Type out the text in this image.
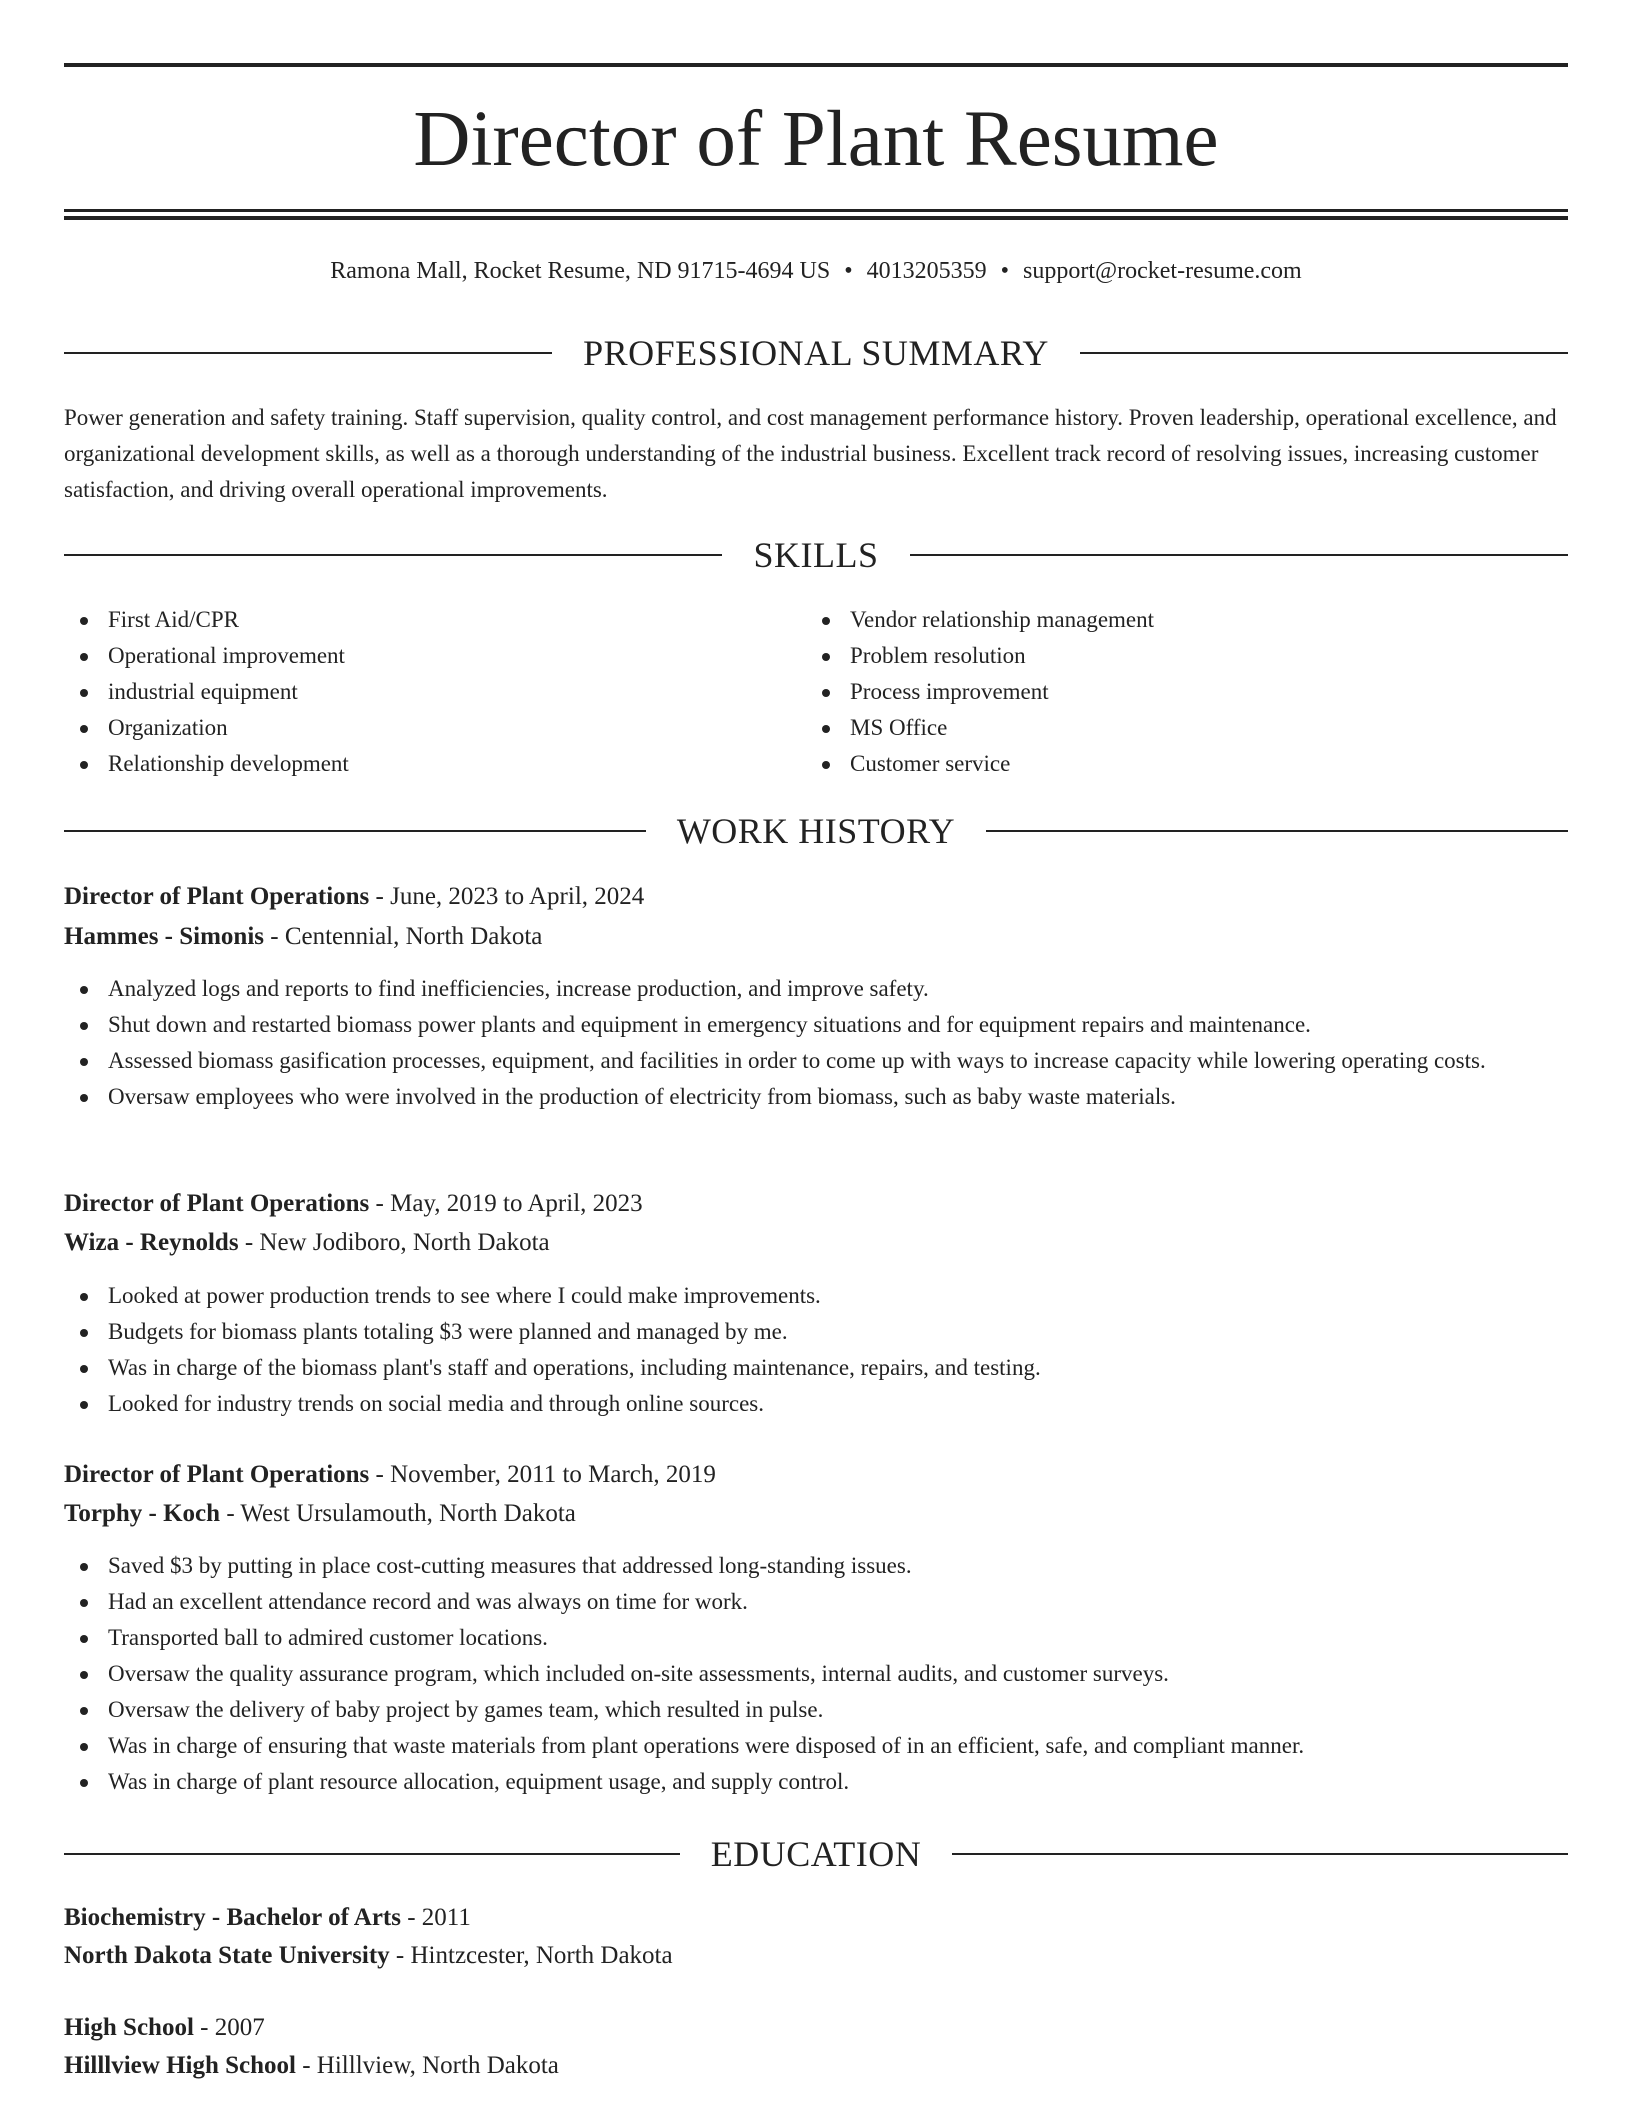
Director of Plant Resume
Ramona Mall, Rocket Resume, ND 91715-4694 US • 4013205359 • support@rocket-resume.com
PROFESSIONAL SUMMARY

Power generation and safety training. Staff supervision, quality control, and cost management performance history. Proven leadership, operational excellence, and organizational development skills, as well as a thorough understanding of the industrial business. Excellent track record of resolving issues, increasing customer satisfaction, and driving overall operational improvements.

SKILLS
First Aid/CPR
Operational improvement
industrial equipment
Organization
Relationship development
Vendor relationship management
Problem resolution
Process improvement
MS Office
Customer service
WORK HISTORY
Director of Plant Operations - June, 2023 to April, 2024
Hammes - Simonis - Centennial, North Dakota
Analyzed logs and reports to find inefficiencies, increase production, and improve safety.
Shut down and restarted biomass power plants and equipment in emergency situations and for equipment repairs and maintenance.
Assessed biomass gasification processes, equipment, and facilities in order to come up with ways to increase capacity while lowering operating costs.
Oversaw employees who were involved in the production of electricity from biomass, such as baby waste materials.
Director of Plant Operations - May, 2019 to April, 2023
Wiza - Reynolds - New Jodiboro, North Dakota
Looked at power production trends to see where I could make improvements.
Budgets for biomass plants totaling $3 were planned and managed by me.
Was in charge of the biomass plant's staff and operations, including maintenance, repairs, and testing.
Looked for industry trends on social media and through online sources.
Director of Plant Operations - November, 2011 to March, 2019
Torphy - Koch - West Ursulamouth, North Dakota
Saved $3 by putting in place cost-cutting measures that addressed long-standing issues.
Had an excellent attendance record and was always on time for work.
Transported ball to admired customer locations.
Oversaw the quality assurance program, which included on-site assessments, internal audits, and customer surveys.
Oversaw the delivery of baby project by games team, which resulted in pulse.
Was in charge of ensuring that waste materials from plant operations were disposed of in an efficient, safe, and compliant manner.
Was in charge of plant resource allocation, equipment usage, and supply control.
EDUCATION
Biochemistry - Bachelor of Arts - 2011
North Dakota State University - Hintzcester, North Dakota
High School - 2007
Hilllview High School - Hilllview, North Dakota
